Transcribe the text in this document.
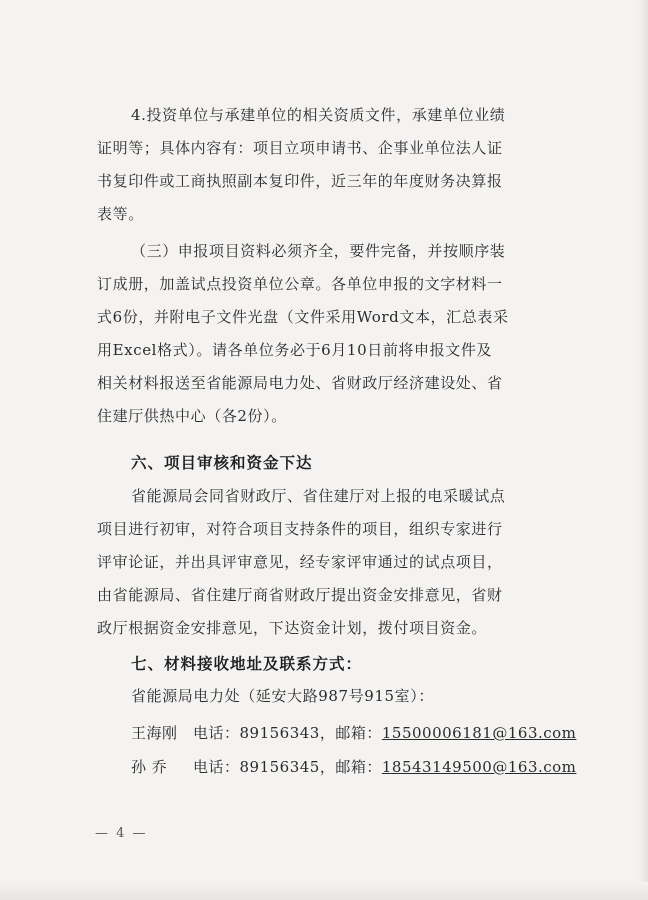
4.投资单位与承建单位的相关资质文件，承建单位业绩
证明等；具体内容有：项目立项申请书、企事业单位法人证
书复印件或工商执照副本复印件，近三年的年度财务决算报
表等。
（三）申报项目资料必须齐全，要件完备，并按顺序装
订成册，加盖试点投资单位公章。各单位申报的文字材料一
式6份，并附电子文件光盘（文件采用Word文本，汇总表采
用Excel格式）。请各单位务必于6月10日前将申报文件及
相关材料报送至省能源局电力处、省财政厅经济建设处、省
住建厅供热中心（各2份）。
六、项目审核和资金下达
省能源局会同省财政厅、省住建厅对上报的电采暖试点
项目进行初审，对符合项目支持条件的项目，组织专家进行
评审论证，并出具评审意见，经专家评审通过的试点项目，
由省能源局、省住建厅商省财政厅提出资金安排意见，省财
政厅根据资金安排意见，下达资金计划，拨付项目资金。
七、材料接收地址及联系方式：
省能源局电力处（延安大路987号915室）：
王海刚 电话：89156343，邮箱：15500006181@163.com
孙 乔 电话：89156345，邮箱：18543149500@163.com
— 4 —
